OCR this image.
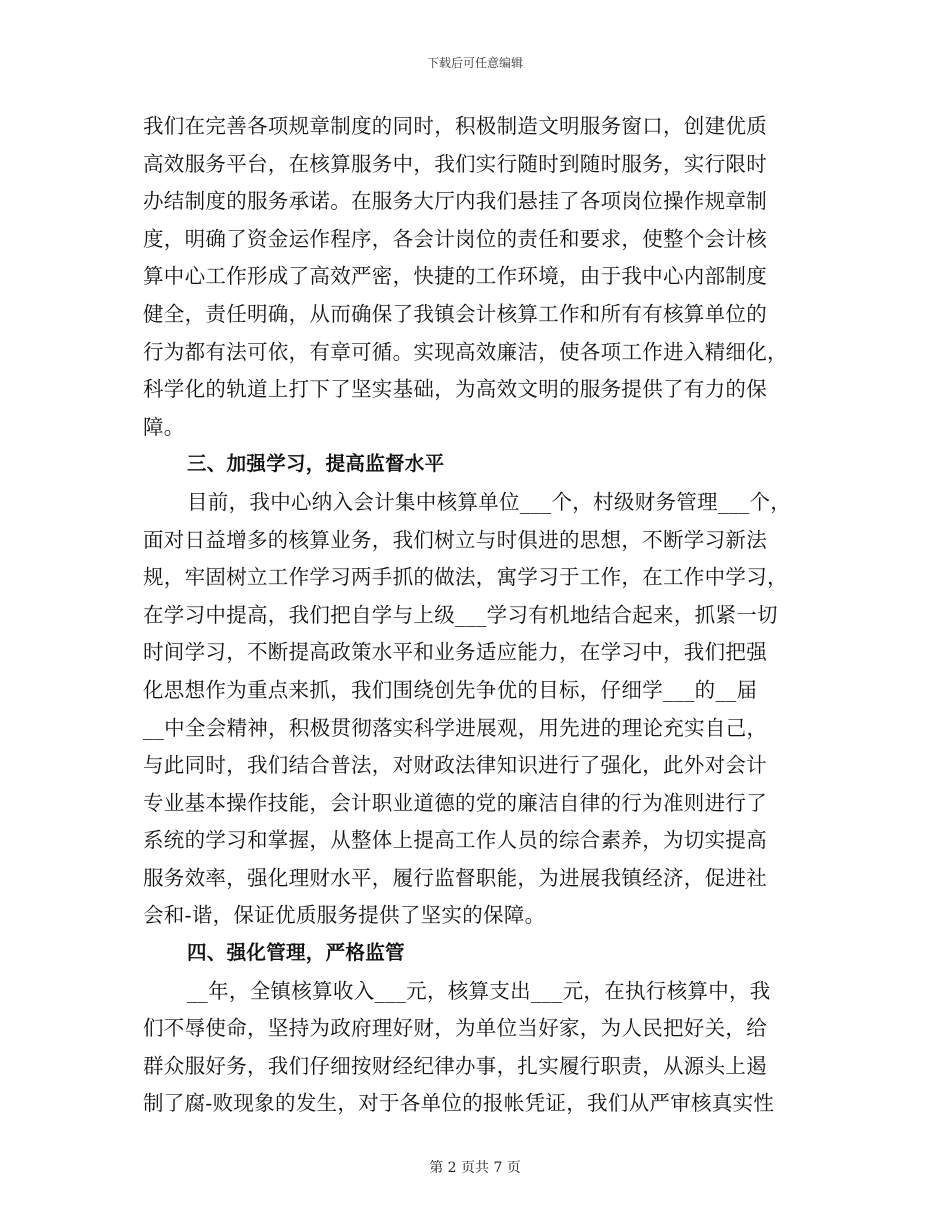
下载后可任意编辑
我们在完善各项规章制度的同时，积极制造文明服务窗口，创建优质
高效服务平台，在核算服务中，我们实行随时到随时服务，实行限时
办结制度的服务承诺。在服务大厅内我们悬挂了各项岗位操作规章制
度，明确了资金运作程序，各会计岗位的责任和要求，使整个会计核
算中心工作形成了高效严密，快捷的工作环境，由于我中心内部制度
健全，责任明确，从而确保了我镇会计核算工作和所有有核算单位的
行为都有法可依，有章可循。实现高效廉洁，使各项工作进入精细化，
科学化的轨道上打下了坚实基础，为高效文明的服务提供了有力的保
障。
三、加强学习，提高监督水平
目前，我中心纳入会计集中核算单位___个，村级财务管理___个，
面对日益增多的核算业务，我们树立与时俱进的思想，不断学习新法
规，牢固树立工作学习两手抓的做法，寓学习于工作，在工作中学习，
在学习中提高，我们把自学与上级___学习有机地结合起来，抓紧一切
时间学习，不断提高政策水平和业务适应能力，在学习中，我们把强
化思想作为重点来抓，我们围绕创先争优的目标，仔细学___的__届
__中全会精神，积极贯彻落实科学进展观，用先进的理论充实自己，
与此同时，我们结合普法，对财政法律知识进行了强化，此外对会计
专业基本操作技能，会计职业道德的党的廉洁自律的行为准则进行了
系统的学习和掌握，从整体上提高工作人员的综合素养，为切实提高
服务效率，强化理财水平，履行监督职能，为进展我镇经济，促进社
会和-谐，保证优质服务提供了坚实的保障。
四、强化管理，严格监管
__年，全镇核算收入___元，核算支出___元，在执行核算中，我
们不辱使命，坚持为政府理好财，为单位当好家，为人民把好关，给
群众服好务，我们仔细按财经纪律办事，扎实履行职责，从源头上遏
制了腐-败现象的发生，对于各单位的报帐凭证，我们从严审核真实性
第 2 页共 7 页
